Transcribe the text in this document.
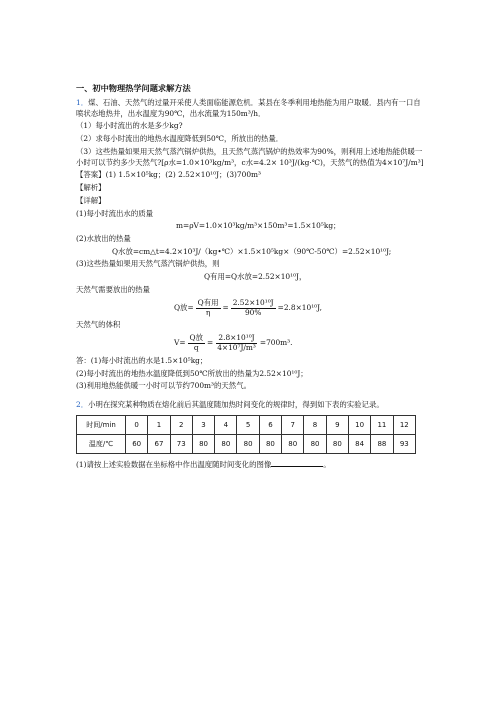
一、初中物理热学问题求解方法
1．煤、石油、天然气的过量开采使人类面临能源危机．某县在冬季利用地热能为用户取暖．县内有一口自喷状态地热井，出水温度为90℃，出水流量为150m³/h．
（1）每小时流出的水是多少kg?
（2）求每小时流出的地热水温度降低到50℃，所放出的热量．
（3）这些热量如果用天然气蒸汽锅炉供热，且天然气蒸汽锅炉的热效率为90%，则利用上述地热能供暖一小时可以节约多少天然气?[ρ水=1.0×10³kg/m³，c水=4.2× 10³J/(kg·℃)，天然气的热值为4×10⁷J/m³]
【答案】(1) 1.5×10⁵kg；(2) 2.52×10¹⁰J；(3)700m³
【解析】
【详解】
(1)每小时流出水的质量
m=ρV=1.0×10³kg/m³×150m³=1.5×10⁵kg；
(2)水放出的热量
Q水放=cm△t=4.2×10³J/（kg•℃）×1.5×10⁵kg×（90℃-50℃）=2.52×10¹⁰J;
(3)这些热量如果用天然气蒸汽锅炉供热，则
Q有用=Q水放=2.52×10¹⁰J，
天然气需要放出的热量
Q放= $\frac{\text{Q有用}}{\eta} = \frac{\text{2.52×10¹⁰J}}{90\%} =2.8\times 10^{10}J$,
天然气的体积
$V= \frac{\text{Q放}}{q} = \frac{\text{2.8×10¹⁰J}}{\text{4×10⁷J/m³}} =700m^3$.
答：(1)每小时流出的水是1.5×10⁵kg；
(2)每小时流出的地热水温度降低到50℃所放出的热量为2.52×10¹⁰J；
(3)利用地热能供暖一小时可以节约700m³的天然气。
2．小明在探究某种物质在熔化前后其温度随加热时间变化的规律时，得到如下表的实验记录。
时间/min	0	1	2	3	4	5	6	7	8	9	10	11	12
温度/℃	60	67	73	80	80	80	80	80	80	80	84	88	93
(1)请按上述实验数据在坐标格中作出温度随时间变化的图像	。
